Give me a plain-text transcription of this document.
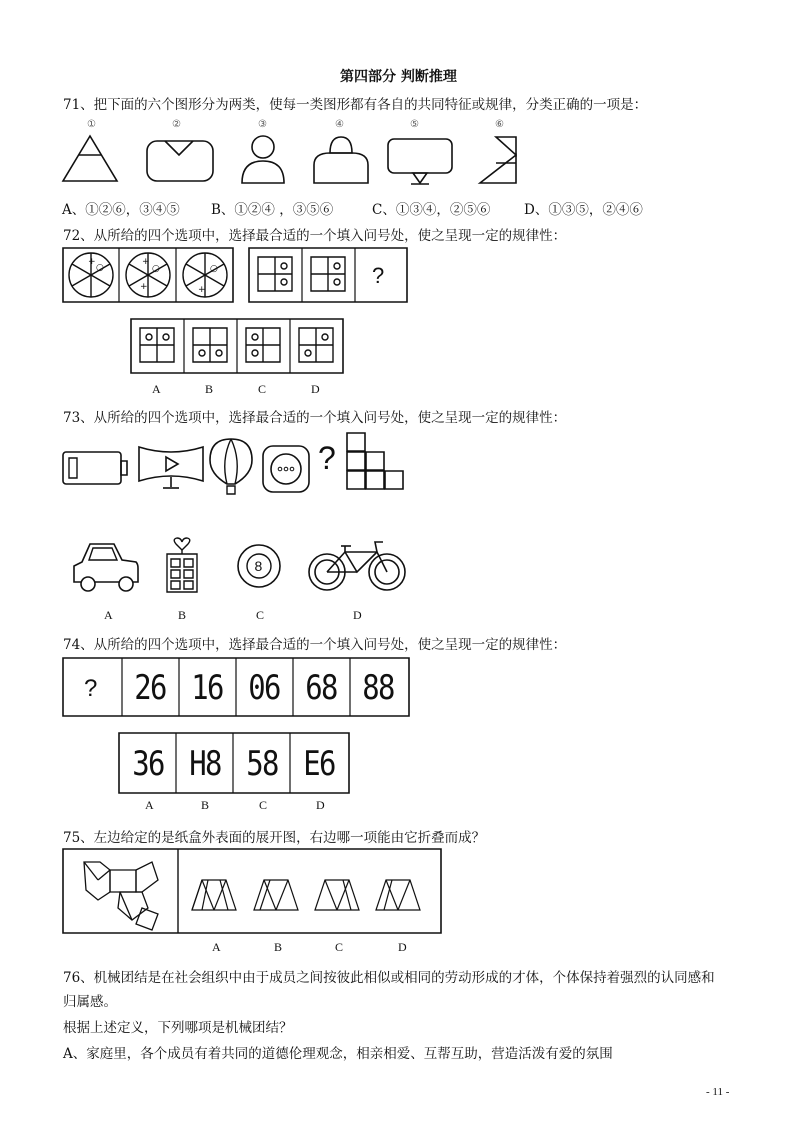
第四部分 判断推理
71、把下面的六个图形分为两类，使每一类图形都有各自的共同特征或规律，分类正确的一项是：
①	②	③	④	⑤	⑥
A、①②⑥，③④⑤ B、①②④ ，③⑤⑥	C、①③④，②⑤⑥ D、①③⑤，②④⑥
72、从所给的四个选项中，选择最合适的一个填入问号处，使之呈现一定的规律性：
+
○
+
○
+
○
+
?
A	B	C	D
73、从所给的四个选项中，选择最合适的一个填入问号处，使之呈现一定的规律性：
?
8
A	B	C	D
74、从所给的四个选项中，选择最合适的一个填入问号处，使之呈现一定的规律性：
? 26 16 06 68 88
36 H8 58 E6
A	B	C	D
75、左边给定的是纸盒外表面的展开图，右边哪一项能由它折叠而成？
A	B	C	D
76、机械团结是在社会组织中由于成员之间按彼此相似或相同的劳动形成的才体，个体保持着强烈的认同感和
归属感。
根据上述定义，下列哪项是机械团结？
A、家庭里，各个成员有着共同的道德伦理观念，相亲相爱、互帮互助，营造活泼有爱的氛围
- 11 -
